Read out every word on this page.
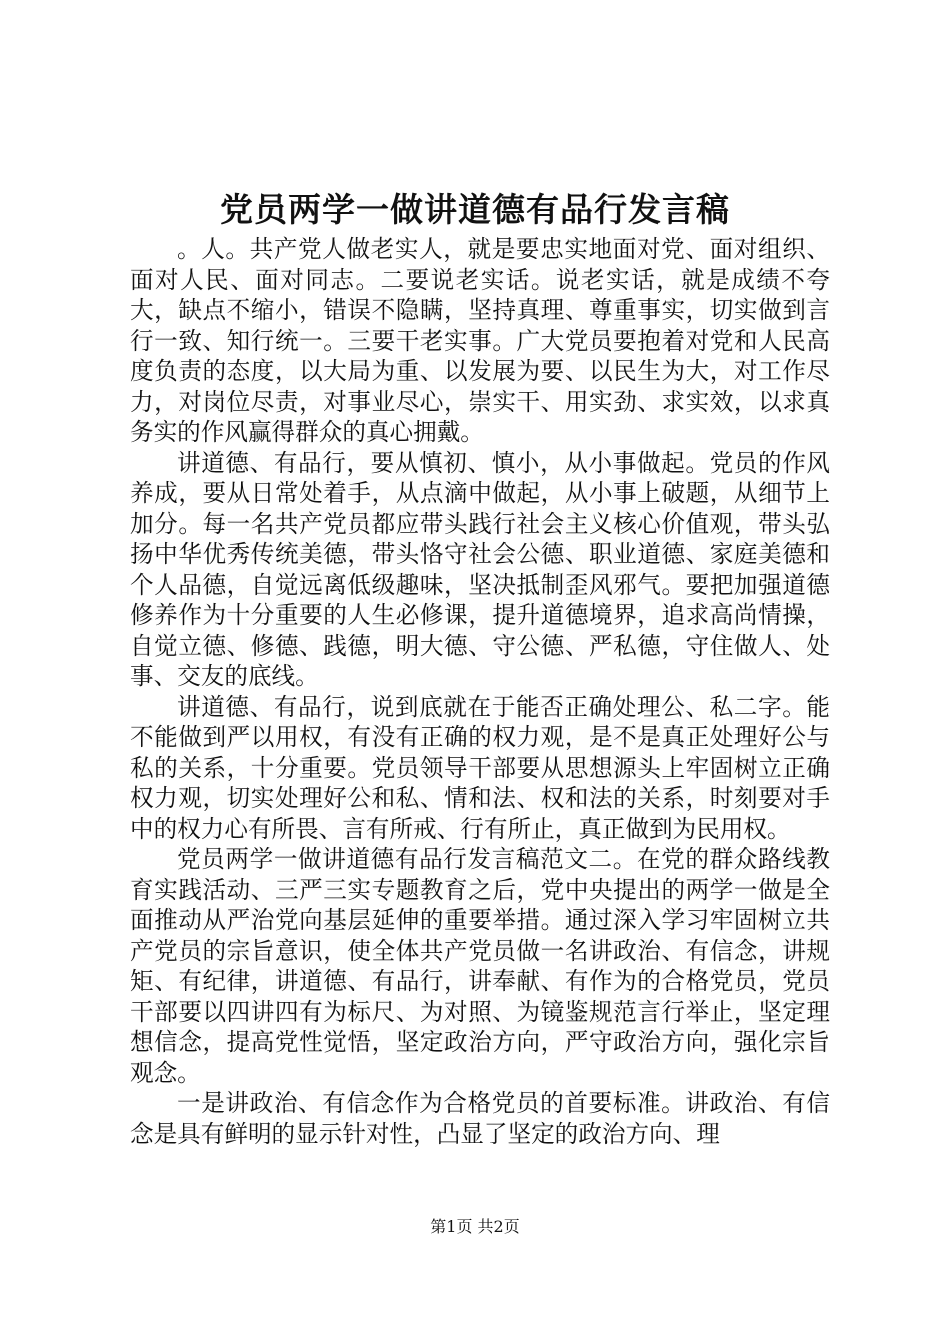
党员两学一做讲道德有品行发言稿

。人。共产党人做老实人，就是要忠实地面对党、面对组织、面对人民、面对同志。二要说老实话。说老实话，就是成绩不夸大，缺点不缩小，错误不隐瞒，坚持真理、尊重事实，切实做到言行一致、知行统一。三要干老实事。广大党员要抱着对党和人民高度负责的态度，以大局为重、以发展为要、以民生为大，对工作尽力，对岗位尽责，对事业尽心，崇实干、用实劲、求实效，以求真务实的作风赢得群众的真心拥戴。

讲道德、有品行，要从慎初、慎小，从小事做起。党员的作风养成，要从日常处着手，从点滴中做起，从小事上破题，从细节上加分。每一名共产党员都应带头践行社会主义核心价值观，带头弘扬中华优秀传统美德，带头恪守社会公德、职业道德、家庭美德和个人品德，自觉远离低级趣味，坚决抵制歪风邪气。要把加强道德修养作为十分重要的人生必修课，提升道德境界，追求高尚情操，自觉立德、修德、践德，明大德、守公德、严私德，守住做人、处事、交友的底线。

讲道德、有品行，说到底就在于能否正确处理公、私二字。能不能做到严以用权，有没有正确的权力观，是不是真正处理好公与私的关系，十分重要。党员领导干部要从思想源头上牢固树立正确权力观，切实处理好公和私、情和法、权和法的关系，时刻要对手中的权力心有所畏、言有所戒、行有所止，真正做到为民用权。

党员两学一做讲道德有品行发言稿范文二。在党的群众路线教育实践活动、三严三实专题教育之后，党中央提出的两学一做是全面推动从严治党向基层延伸的重要举措。通过深入学习牢固树立共产党员的宗旨意识，使全体共产党员做一名讲政治、有信念，讲规矩、有纪律，讲道德、有品行，讲奉献、有作为的合格党员，党员干部要以四讲四有为标尺、为对照、为镜鉴规范言行举止，坚定理想信念，提高党性觉悟，坚定政治方向，严守政治方向，强化宗旨观念。

一是讲政治、有信念作为合格党员的首要标准。讲政治、有信念是具有鲜明的显示针对性，凸显了坚定的政治方向、理

第1页 共2页
